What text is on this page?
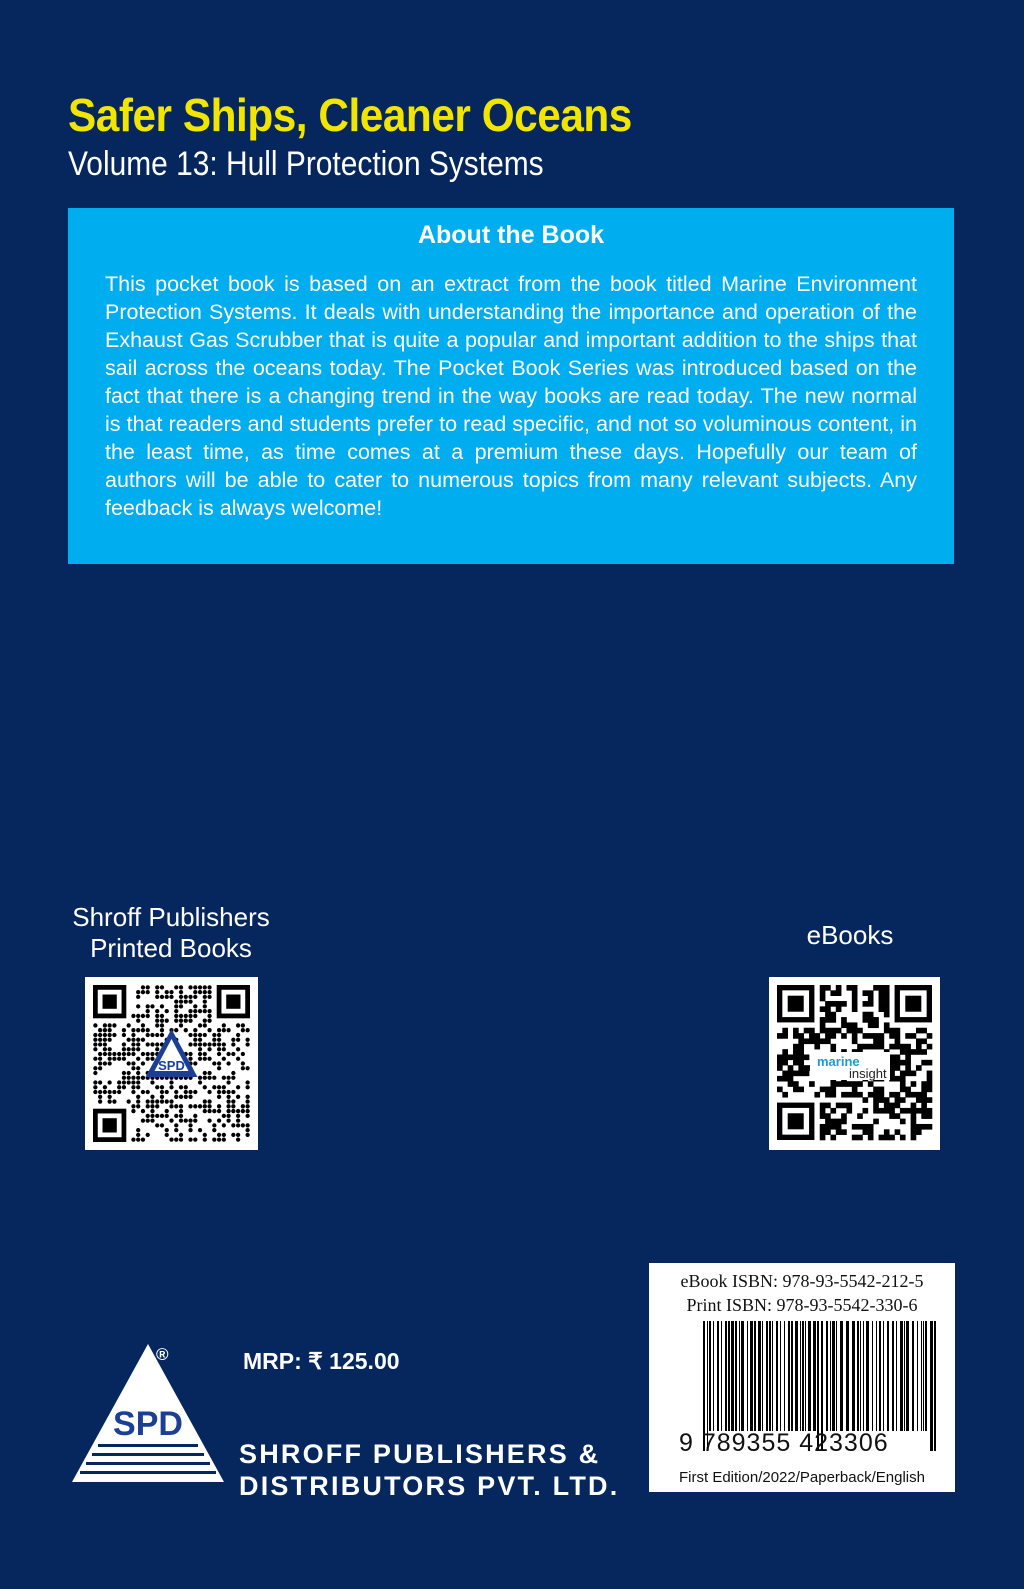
Safer Ships, Cleaner Oceans
Volume 13: Hull Protection Systems
About the Book
This pocket book is based on an extract from the book titled Marine Environment Protection Systems. It deals with understanding the importance and operation of the Exhaust Gas Scrubber that is quite a popular and important addition to the ships that sail across the oceans today. The Pocket Book Series was introduced based on the fact that there is a changing trend in the way books are read today. The new normal is that readers and students prefer to read specific, and not so voluminous content, in the least time, as time comes at a premium these days. Hopefully our team of authors will be able to cater to numerous topics from many relevant subjects. Any feedback is always welcome!
Shroff Publishers
Printed Books
SPD
eBooks
marine
insight
eBook ISBN: 978-93-5542-212-5
Print ISBN: 978-93-5542-330-6
9 789355 423306
First Edition/2022/Paperback/English
MRP: ₹ 125.00
SPD
®
SHROFF PUBLISHERS &
DISTRIBUTORS PVT. LTD.
